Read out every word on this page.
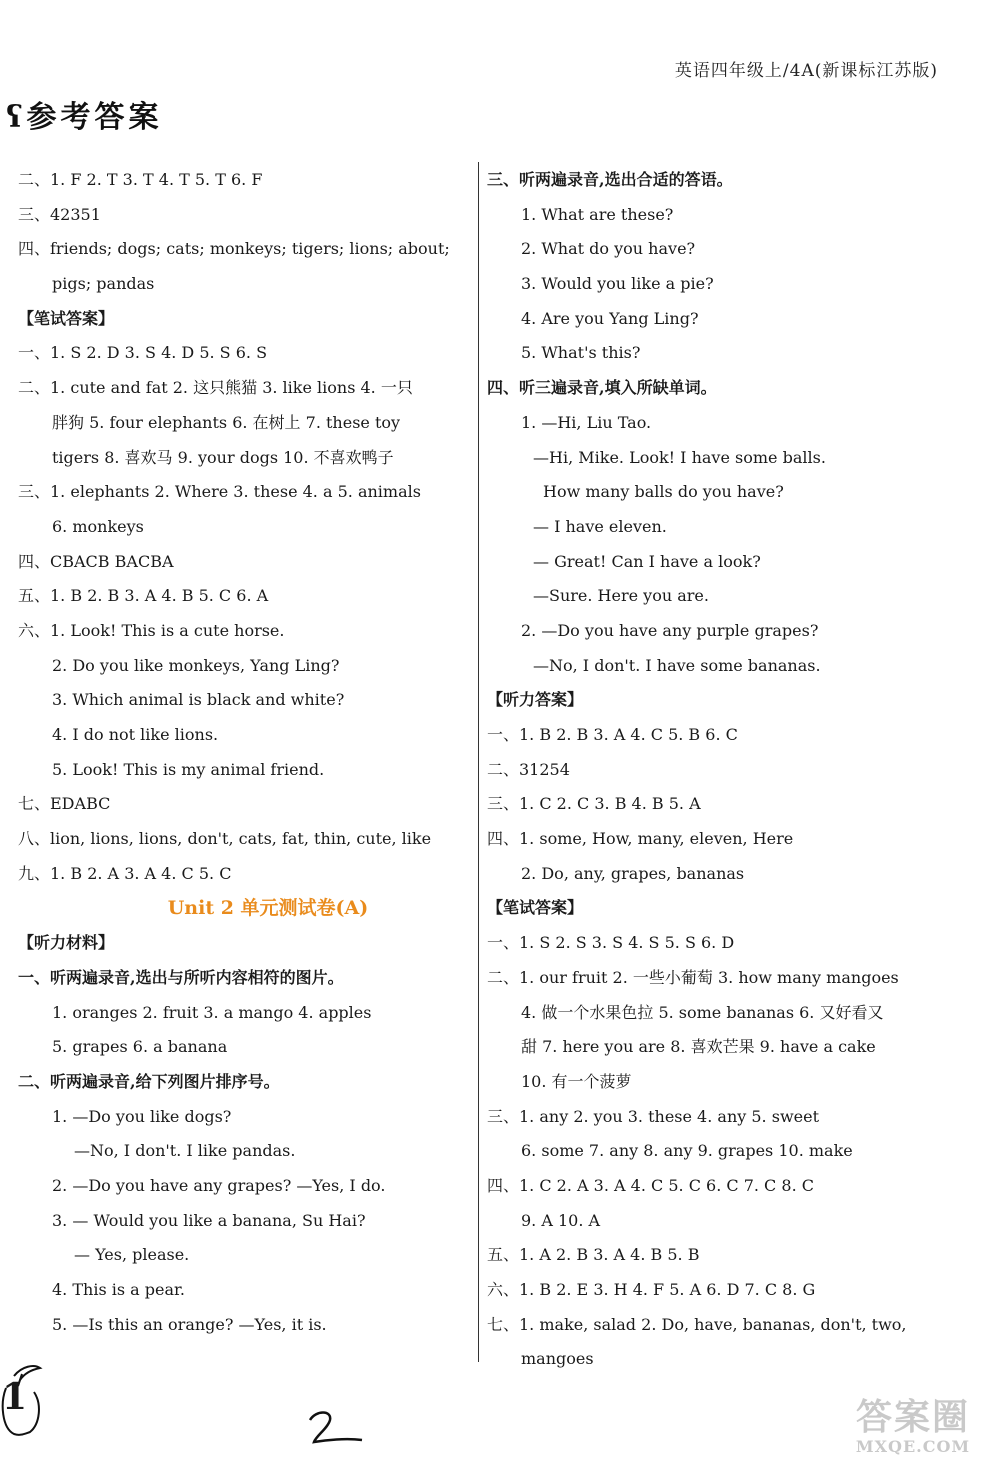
英语四年级上/4A(新课标江苏版)
ʕ参考答案
二、1. F 2. T 3. T 4. T 5. T 6. F
三、42351
四、friends; dogs; cats; monkeys; tigers; lions; about;
pigs; pandas
【笔试答案】
一、1. S 2. D 3. S 4. D 5. S 6. S
二、1. cute and fat 2. 这只熊猫 3. like lions 4. 一只
胖狗 5. four elephants 6. 在树上 7. these toy
tigers 8. 喜欢马 9. your dogs 10. 不喜欢鸭子
三、1. elephants 2. Where 3. these 4. a 5. animals
6. monkeys
四、CBACB BACBA
五、1. B 2. B 3. A 4. B 5. C 6. A
六、1. Look! This is a cute horse.
2. Do you like monkeys, Yang Ling?
3. Which animal is black and white?
4. I do not like lions.
5. Look! This is my animal friend.
七、EDABC
八、lion, lions, lions, don't, cats, fat, thin, cute, like
九、1. B 2. A 3. A 4. C 5. C
Unit 2 单元测试卷(A)
【听力材料】
一、听两遍录音,选出与所听内容相符的图片。
1. oranges 2. fruit 3. a mango 4. apples
5. grapes 6. a banana
二、听两遍录音,给下列图片排序号。
1. —Do you like dogs?
—No, I don't. I like pandas.
2. —Do you have any grapes? —Yes, I do.
3. — Would you like a banana, Su Hai?
— Yes, please.
4. This is a pear.
5. —Is this an orange? —Yes, it is.
三、听两遍录音,选出合适的答语。
1. What are these?
2. What do you have?
3. Would you like a pie?
4. Are you Yang Ling?
5. What's this?
四、听三遍录音,填入所缺单词。
1. —Hi, Liu Tao.
—Hi, Mike. Look! I have some balls.
How many balls do you have?
— I have eleven.
— Great! Can I have a look?
—Sure. Here you are.
2. —Do you have any purple grapes?
—No, I don't. I have some bananas.
【听力答案】
一、1. B 2. B 3. A 4. C 5. B 6. C
二、31254
三、1. C 2. C 3. B 4. B 5. A
四、1. some, How, many, eleven, Here
2. Do, any, grapes, bananas
【笔试答案】
一、1. S 2. S 3. S 4. S 5. S 6. D
二、1. our fruit 2. 一些小葡萄 3. how many mangoes
4. 做一个水果色拉 5. some bananas 6. 又好看又
甜 7. here you are 8. 喜欢芒果 9. have a cake
10. 有一个菠萝
三、1. any 2. you 3. these 4. any 5. sweet
6. some 7. any 8. any 9. grapes 10. make
四、1. C 2. A 3. A 4. C 5. C 6. C 7. C 8. C
9. A 10. A
五、1. A 2. B 3. A 4. B 5. B
六、1. B 2. E 3. H 4. F 5. A 6. D 7. C 8. G
七、1. make, salad 2. Do, have, bananas, don't, two,
mangoes
1	答案圈
MXQE.COM
